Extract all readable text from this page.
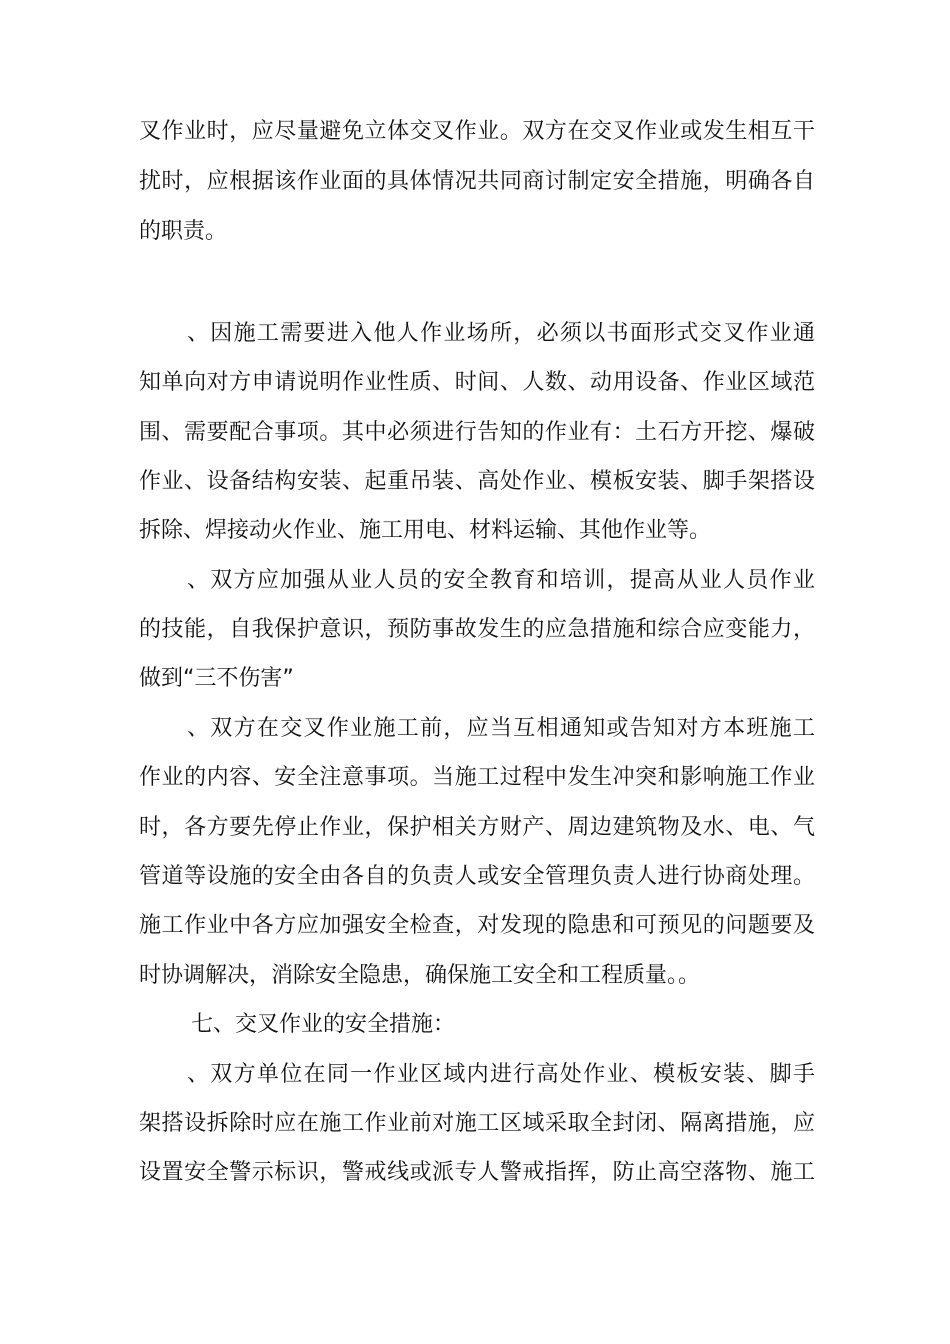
叉作业时，应尽量避免立体交叉作业。双方在交叉作业或发生相互干
扰时，应根据该作业面的具体情况共同商讨制定安全措施，明确各自
的职责。
、因施工需要进入他人作业场所，必须以书面形式交叉作业通
知单向对方申请说明作业性质、时间、人数、动用设备、作业区域范
围、需要配合事项。其中必须进行告知的作业有：土石方开挖、爆破
作业、设备结构安装、起重吊装、高处作业、模板安装、脚手架搭设
拆除、焊接动火作业、施工用电、材料运输、其他作业等。
、双方应加强从业人员的安全教育和培训，提高从业人员作业
的技能，自我保护意识，预防事故发生的应急措施和综合应变能力，
做到“三不伤害”
、双方在交叉作业施工前，应当互相通知或告知对方本班施工
作业的内容、安全注意事项。当施工过程中发生冲突和影响施工作业
时，各方要先停止作业，保护相关方财产、周边建筑物及水、电、气
管道等设施的安全由各自的负责人或安全管理负责人进行协商处理。
施工作业中各方应加强安全检查，对发现的隐患和可预见的问题要及
时协调解决，消除安全隐患，确保施工安全和工程质量。。
七、交叉作业的安全措施：
、双方单位在同一作业区域内进行高处作业、模板安装、脚手
架搭设拆除时应在施工作业前对施工区域采取全封闭、隔离措施，应
设置安全警示标识，警戒线或派专人警戒指挥，防止高空落物、施工
